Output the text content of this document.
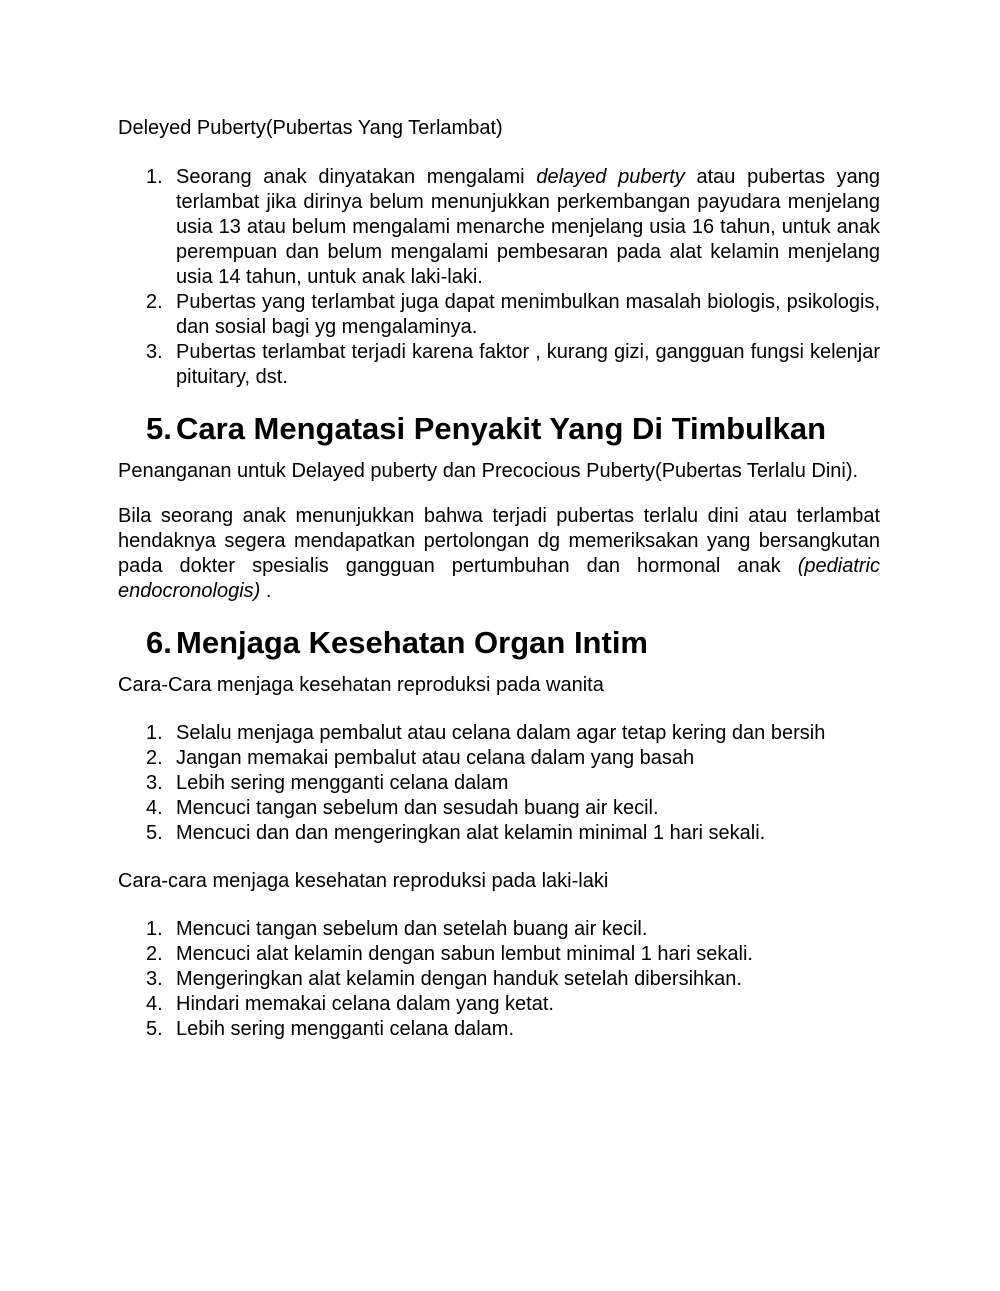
Deleyed Puberty(Pubertas Yang Terlambat)

1. Seorang anak dinyatakan mengalami delayed puberty atau pubertas yang terlambat jika dirinya belum menunjukkan perkembangan payudara menjelang usia 13 atau belum mengalami menarche menjelang usia 16 tahun, untuk anak perempuan dan belum mengalami pembesaran pada alat kelamin menjelang usia 14 tahun, untuk anak laki-laki.
2. Pubertas yang terlambat juga dapat menimbulkan masalah biologis, psikologis, dan sosial bagi yg mengalaminya.
3. Pubertas terlambat terjadi karena faktor , kurang gizi, gangguan fungsi kelenjar pituitary, dst.
5. Cara Mengatasi Penyakit Yang Di Timbulkan

Penanganan untuk Delayed puberty dan Precocious Puberty(Pubertas Terlalu Dini).

Bila seorang anak menunjukkan bahwa terjadi pubertas terlalu dini atau terlambat hendaknya segera mendapatkan pertolongan dg memeriksakan yang bersangkutan pada dokter spesialis gangguan pertumbuhan dan hormonal anak (pediatric endocronologis) .

6. Menjaga Kesehatan Organ Intim

Cara-Cara menjaga kesehatan reproduksi pada wanita

1. Selalu menjaga pembalut atau celana dalam agar tetap kering dan bersih
2. Jangan memakai pembalut atau celana dalam yang basah
3. Lebih sering mengganti celana dalam
4. Mencuci tangan sebelum dan sesudah buang air kecil.
5. Mencuci dan dan mengeringkan alat kelamin minimal 1 hari sekali.

Cara-cara menjaga kesehatan reproduksi pada laki-laki

1. Mencuci tangan sebelum dan setelah buang air kecil.
2. Mencuci alat kelamin dengan sabun lembut minimal 1 hari sekali.
3. Mengeringkan alat kelamin dengan handuk setelah dibersihkan.
4. Hindari memakai celana dalam yang ketat.
5. Lebih sering mengganti celana dalam.
